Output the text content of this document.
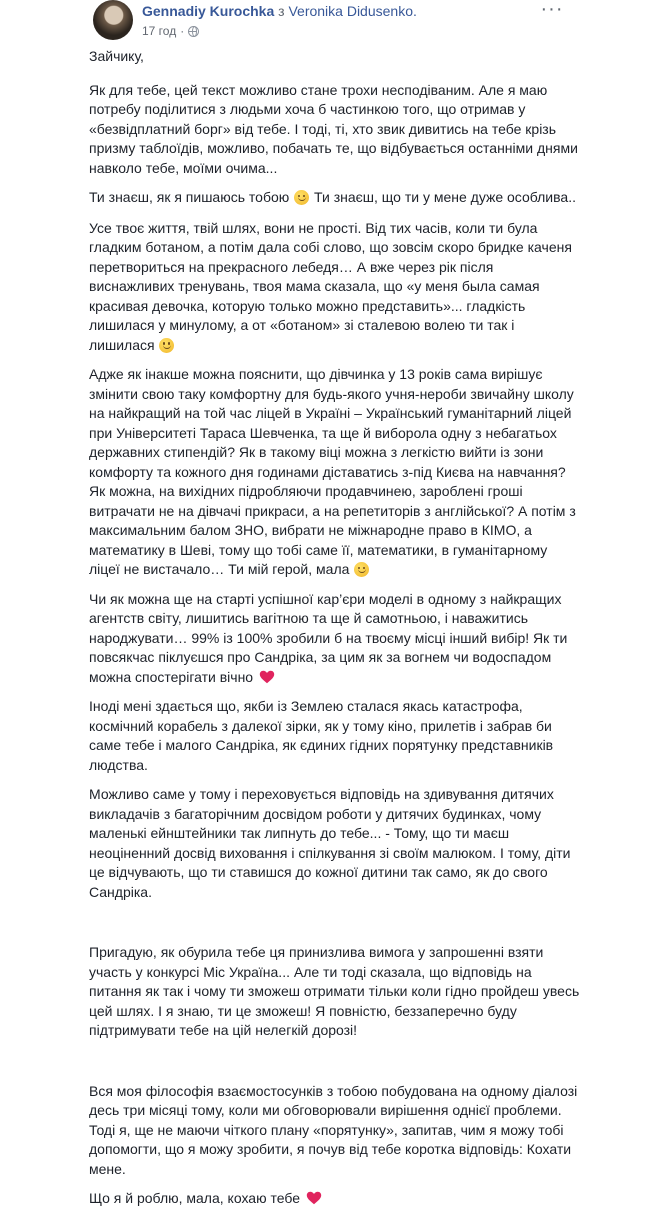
Gennadiy Kurochka з Veronika Didusenko.
17 год ·
···

Зайчику,

Як для тебе, цей текст можливо стане трохи несподіваним. Але я маю потребу поділитися з людьми хоча б частинкою того, що отримав у «безвідплатний борг» від тебе. І тоді, ті, хто звик дивитись на тебе крізь призму таблоїдів, можливо, побачать те, що відбувається останніми днями навколо тебе, моїми очима...

Ти знаєш, як я пишаюсь тобою  Ти знаєш, що ти у мене дуже особлива..

Усе твоє життя, твій шлях, вони не прості. Від тих часів, коли ти була гладким ботаном, а потім дала собі слово, що зовсім скоро бридке каченя перетвориться на прекрасного лебедя… А вже через рік після виснажливих тренувань, твоя мама сказала, що «у меня была самая красивая девочка, которую только можно представить»... гладкість лишилася у минулому, а от «ботаном» зі сталевою волею ти так і лишилася

Адже як інакше можна пояснити, що дівчинка у 13 років сама вирішує змінити свою таку комфортну для будь-якого учня-нероби звичайну школу на найкращий на той час ліцей в Україні – Український гуманітарний ліцей при Університеті Тараса Шевченка, та ще й виборола одну з небагатьох державних стипендій? Як в такому віці можна з легкістю вийти із зони комфорту та кожного дня годинами діставатись з-під Києва на навчання? Як можна, на вихідних підробляючи продавчинею, зароблені гроші витрачати не на дівчачі прикраси, а на репетиторів з англійської? А потім з максимальним балом ЗНО, вибрати не міжнародне право в КІМО, а математику в Шеві, тому що тобі саме її, математики, в гуманітарному ліцеї не вистачало… Ти мій герой, мала

Чи як можна ще на старті успішної кар’єри моделі в одному з найкращих агентств світу, лишитись вагітною та ще й самотньою, і наважитись народжувати… 99% із 100% зробили б на твоєму місці інший вибір! Як ти повсякчас піклуєшся про Сандріка, за цим як за вогнем чи водоспадом можна спостерігати вічно

Іноді мені здається що, якби із Землею сталася якась катастрофа, космічний корабель з далекої зірки, як у тому кіно, прилетів і забрав би саме тебе і малого Сандріка, як єдиних гідних порятунку представників людства.

Можливо саме у тому і переховується відповідь на здивування дитячих викладачів з багаторічним досвідом роботи у дитячих будинках, чому маленькі ейнштейники так липнуть до тебе... - Тому, що ти маєш неоціненний досвід виховання і спілкування зі своїм малюком. І тому, діти це відчувають, що ти ставишся до кожної дитини так само, як до свого Сандріка.

Пригадую, як обурила тебе ця принизлива вимога у запрошенні взяти участь у конкурсі Міс Україна... Але ти тоді сказала, що відповідь на питання як так і чому ти зможеш отримати тільки коли гідно пройдеш увесь цей шлях. І я знаю, ти це зможеш! Я повністю, беззаперечно буду підтримувати тебе на цій нелегкій дорозі!

Вся моя філософія взаємостосунків з тобою побудована на одному діалозі десь три місяці тому, коли ми обговорювали вирішення однієї проблеми. Тоді я, ще не маючи чіткого плану «порятунку», запитав, чим я можу тобі допомогти, що я можу зробити, я почув від тебе коротка відповідь: Кохати мене.

Що я й роблю, мала, кохаю тебе
